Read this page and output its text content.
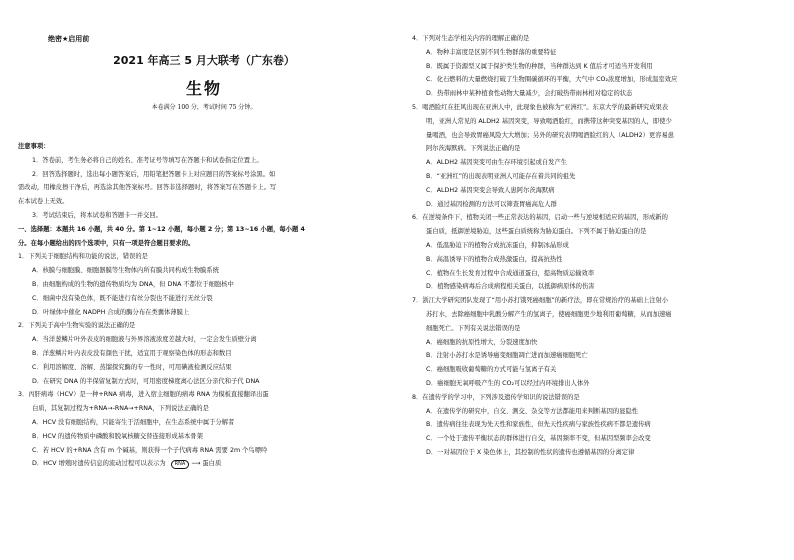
绝密★启用前
2021 年高三 5 月大联考（广东卷）
生物
本卷满分 100 分，考试时间 75 分钟。
注意事项：
1．答卷前，考生务必将自己的姓名、准考证号等填写在答题卡和试卷指定位置上。
2．回答选择题时，选出每小题答案后，用铅笔把答题卡上对应题目的答案标号涂黑。如
需改动，用橡皮擦干净后，再选涂其他答案标号。回答非选择题时，将答案写在答题卡上。写
在本试卷上无效。
3．考试结束后，将本试卷和答题卡一并交回。
一、选择题：本题共 16 小题，共 40 分。第 1~12 小题，每小题 2 分；第 13~16 小题，每小题 4
分。在每小题给出的四个选项中，只有一项是符合题目要求的。
1．下列关于细胞结构和功能的说法，错误的是
A．核膜与细胞膜、细胞器膜等生物体内所有膜共同构成生物膜系统
B．由细胞构成的生物的遗传物质均为 DNA，但 DNA 不都位于细胞核中
C．细菌中没有染色体，既不能进行有丝分裂也不能进行无丝分裂
D．叶绿体中催化 NADPH 合成的酶分布在类囊体薄膜上
2．下列关于高中生物实验的说法正确的是
A．当洋葱鳞片叶外表皮的细胞液与外界溶液浓度差越大时，一定会发生质壁分离
B．洋葱鳞片叶内表皮没有颜色干扰，适宜用于观察染色体的形态和数目
C．利用溶解度、溶解、蒸馏探究酶的专一性时，可用碘液检测反应结果
D．在研究 DNA 的半保留复制方式时，可用密度梯度离心法区分亲代和子代 DNA
3．丙肝病毒（HCV）是一种+RNA 病毒，进入宿主细胞的病毒 RNA 为模板直接翻译出蛋
白质，其复制过程为+RNA→-RNA→+RNA，下列说法正确的是
A．HCV 没有细胞结构，只能寄生于活细胞中，在生态系统中属于分解者
B．HCV 的遗传物质中磷酸和脱氧核糖交替连接形成基本骨架
C．若 HCV 的+RNA 含有 m 个碱基，则获得一个子代病毒 RNA 需要 2m 个鸟嘌呤
D．HCV 增殖时遗传信息的流动过程可以表示为 RNA ⟶ 蛋白质
4．下列对生态学相关内容的理解正确的是
A．物种丰富度是区别不同生物群落的重要特征
B．既属于资源型又属于保护类生物的种群，当种群达到 K 值后才可适当开发利用
C．化石燃料的大量燃烧打破了生物圈碳循环的平衡，大气中 CO₂浓度增加，形成温室效应
D．热带雨林中某种植食性动物大量减少，会打破热带雨林相对稳定的状态
5．喝酒脸红在狂风出现在亚洲人中，此现象也被称为“亚洲红”。东京大学的最新研究成果表
明，亚洲人常见的 ALDH2 基因突变，导致喝酒脸红，而携带这种突变基因的人，即使少
量喝酒，也会导致胃癌风险大大增加；另外的研究表明喝酒脸红的人（ALDH2）更容易患
阿尔茨海默病。下列说法正确的是
A．ALDH2 基因突变可由生存环境引起或自发产生
B．“亚洲红”的出现表明亚洲人可能存在着共同的祖先
C．ALDH2 基因突变会导致人患阿尔茨海默病
D．通过基因检测的方法可以筛查胃癌高危人群
6．在逆境条件下，植物关闭一些正常表达的基因，启动一些与逆境相适应的基因，形成新的
蛋白质，抵御逆境胁迫，这些蛋白质统称为胁迫蛋白。下列不属于胁迫蛋白的是
A．低温胁迫下的植物合成抗冻蛋白，抑制冰晶形成
B．高温诱导下的植物合成热激蛋白，提高抗热性
C．植物在生长发育过程中合成通道蛋白，提高物质运输效率
D．植物感染病毒后合成病程相关蛋白，以抵御病原体的伤害
7．浙江大学研究团队发现了“用小苏打饿死癌细胞”的新疗法，即在常规治疗的基础上注射小
苏打水，去除癌细胞中乳酸分解产生的氢离子，使癌细胞更少地利用葡萄糖，从而加速癌
细胞死亡。下列有关说法错误的是
A．癌细胞的抗原性增大，分裂速度加快
B．注射小苏打水是诱导癌变细胞凋亡进而加速癌细胞死亡
C．癌细胞吸收葡萄糖的方式可能与氢离子有关
D．癌细胞无氧呼吸产生的 CO₂可以经过内环境排出人体外
8．在遗传学的学习中，下列涉及遗传学知识的说法错误的是
A．在遗传学的研究中，自交、测交、杂交等方法都能用来判断基因的显隐性
B．遗传病往往表现为先天性和家族性，但先天性疾病与家族性疾病不都是遗传病
C．一个处于遗传平衡状态的群体进行自交，基因频率不变，但基因型频率会改变
D．一对基因位于 X 染色体上，其控制的性状的遗传也遵循基因的分离定律
